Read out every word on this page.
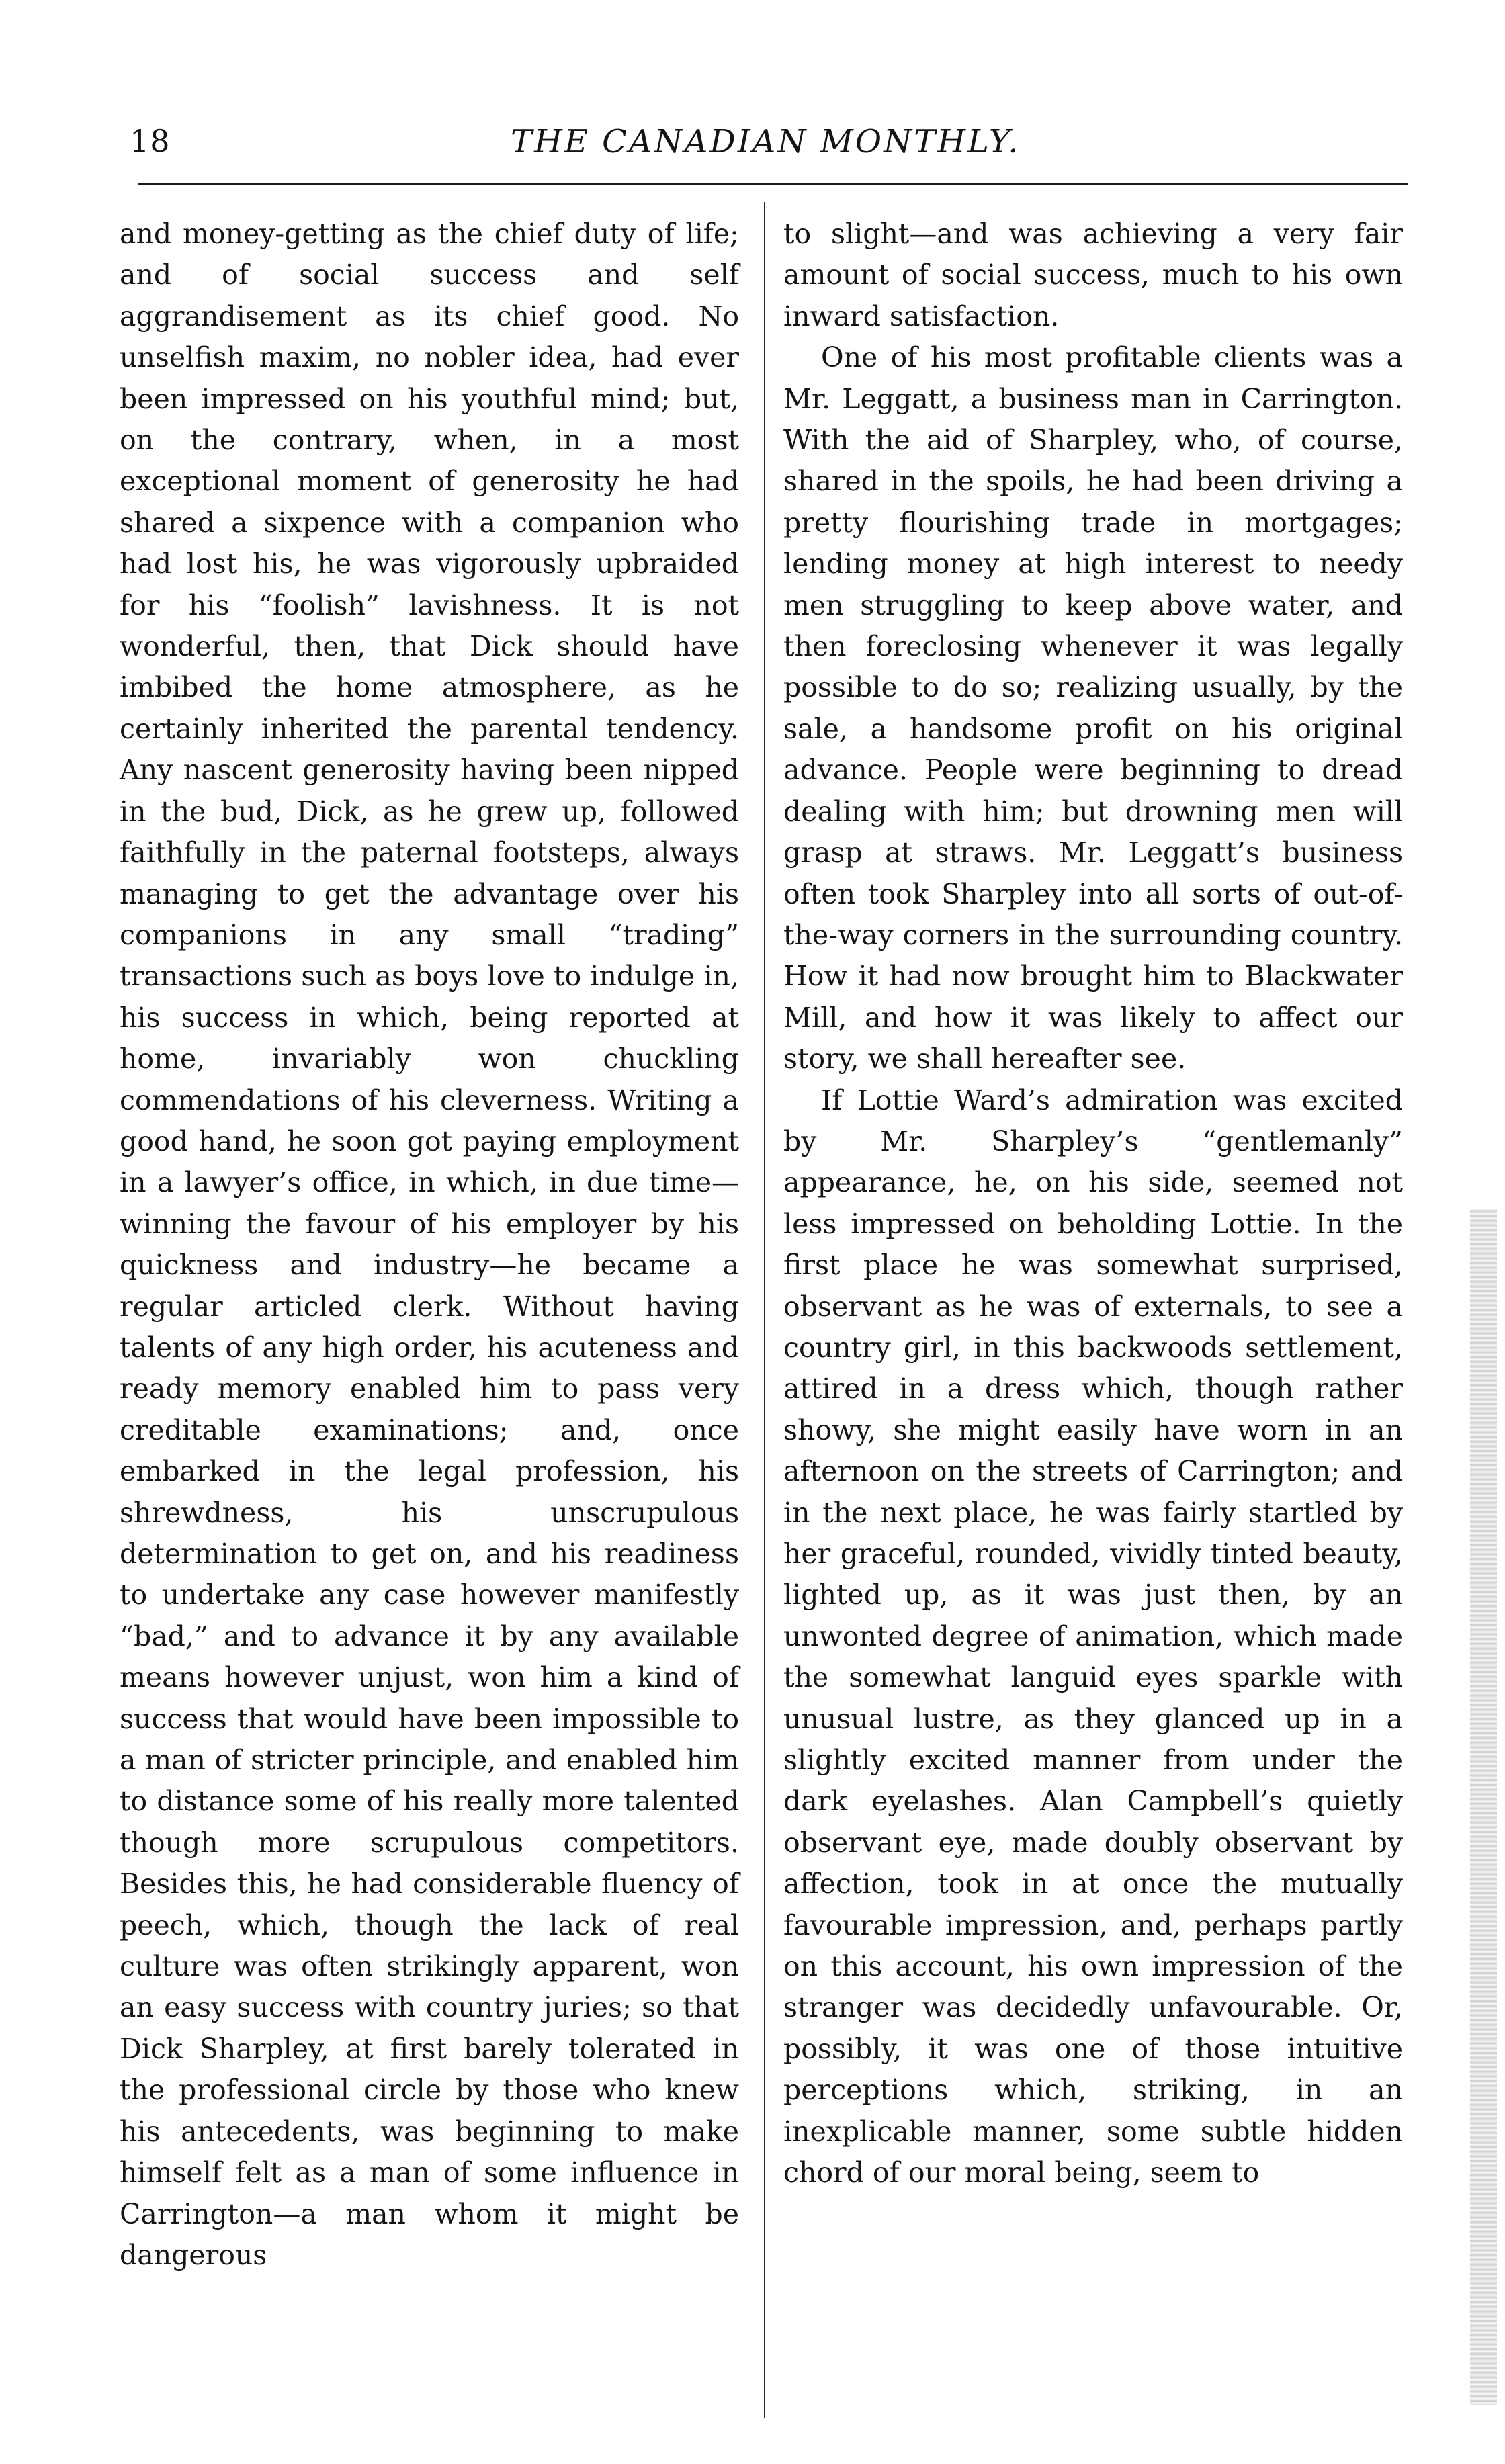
18	THE CANADIAN MONTHLY.

and money-getting as the chief duty of life; and of social success and self aggrandisement as its chief good. No unselfish maxim, no nobler idea, had ever been impressed on his youthful mind; but, on the contrary, when, in a most exceptional moment of generosity he had shared a sixpence with a companion who had lost his, he was vigorously upbraided for his “foolish” lavishness. It is not wonderful, then, that Dick should have imbibed the home atmosphere, as he certainly inherited the parental tendency. Any nascent generosity having been nipped in the bud, Dick, as he grew up, followed faithfully in the paternal footsteps, always managing to get the advantage over his companions in any small “trading” transactions such as boys love to indulge in, his success in which, being reported at home, invariably won chuckling commendations of his cleverness. Writing a good hand, he soon got paying employment in a lawyer’s office, in which, in due time—winning the favour of his employer by his quickness and industry—he became a regular articled clerk. Without having talents of any high order, his acuteness and ready memory enabled him to pass very creditable examinations; and, once embarked in the legal profession, his shrewdness, his unscrupulous determination to get on, and his readiness to undertake any case however manifestly “bad,” and to advance it by any available means however unjust, won him a kind of success that would have been impossible to a man of stricter principle, and enabled him to distance some of his really more talented though more scrupulous competitors. Besides this, he had considerable fluency of peech, which, though the lack of real culture was often strikingly apparent, won an easy success with country juries; so that Dick Sharpley, at first barely tolerated in the professional circle by those who knew his antecedents, was beginning to make himself felt as a man of some influence in Carrington—a man whom it might be dangerous

to slight—and was achieving a very fair amount of social success, much to his own inward satisfaction.

One of his most profitable clients was a Mr. Leggatt, a business man in Carrington. With the aid of Sharpley, who, of course, shared in the spoils, he had been driving a pretty flourishing trade in mortgages; lending money at high interest to needy men struggling to keep above water, and then foreclosing whenever it was legally possible to do so; realizing usually, by the sale, a handsome profit on his original advance. People were beginning to dread dealing with him; but drowning men will grasp at straws. Mr. Leggatt’s business often took Sharpley into all sorts of out-of-the-way corners in the surrounding country. How it had now brought him to Blackwater Mill, and how it was likely to affect our story, we shall hereafter see.

If Lottie Ward’s admiration was excited by Mr. Sharpley’s “gentlemanly” appearance, he, on his side, seemed not less impressed on beholding Lottie. In the first place he was somewhat surprised, observant as he was of externals, to see a country girl, in this backwoods settlement, attired in a dress which, though rather showy, she might easily have worn in an afternoon on the streets of Carrington; and in the next place, he was fairly startled by her graceful, rounded, vividly tinted beauty, lighted up, as it was just then, by an unwonted degree of animation, which made the somewhat languid eyes sparkle with unusual lustre, as they glanced up in a slightly excited manner from under the dark eyelashes. Alan Campbell’s quietly observant eye, made doubly observant by affection, took in at once the mutually favourable impression, and, perhaps partly on this account, his own impression of the stranger was decidedly unfavourable. Or, possibly, it was one of those intuitive perceptions which, striking, in an inexplicable manner, some subtle hidden chord of our moral being, seem to
